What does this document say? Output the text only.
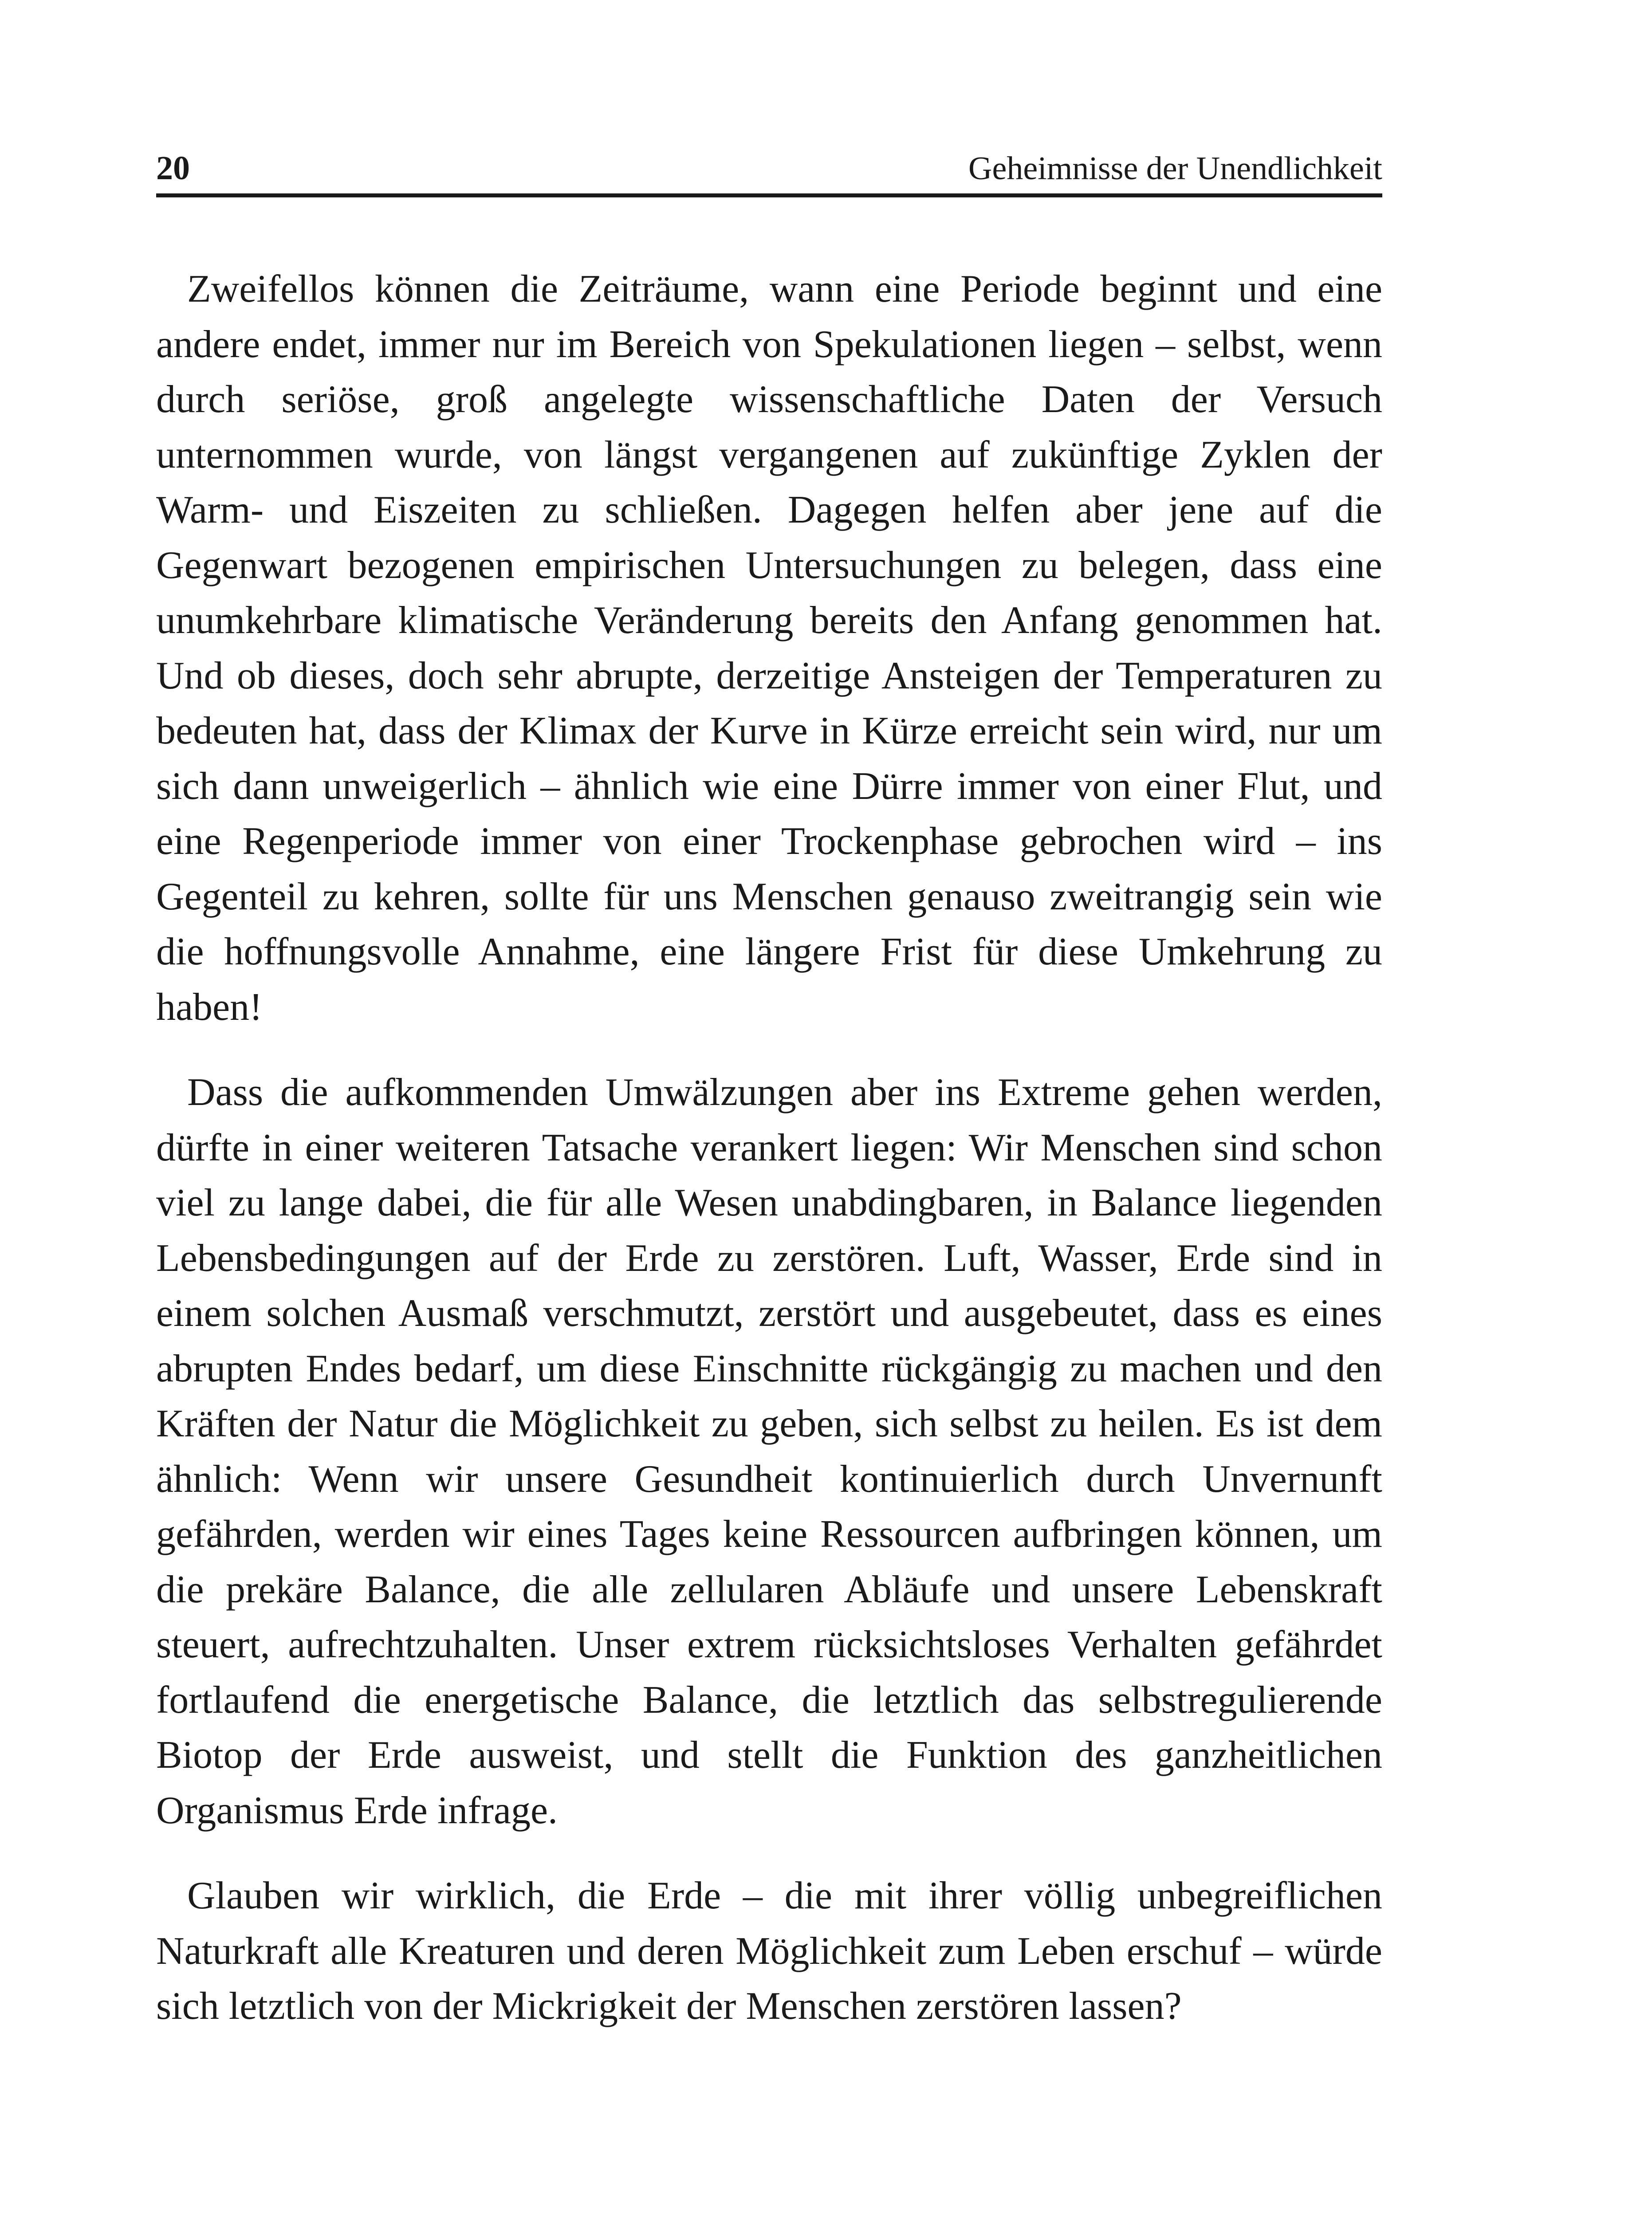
20	Geheimnisse der Unendlichkeit

Zweifellos können die Zeiträume, wann eine Periode beginnt und eine andere endet, immer nur im Bereich von Spekulationen liegen – selbst, wenn durch seriöse, groß angelegte wissenschaftliche Daten der Versuch unternommen wurde, von längst vergangenen auf zukünftige Zyklen der Warm- und Eiszeiten zu schließen. Dagegen helfen aber jene auf die Gegenwart bezogenen empirischen Untersuchungen zu belegen, dass eine unumkehrbare klimatische Veränderung bereits den Anfang genommen hat. Und ob dieses, doch sehr abrupte, derzeitige Ansteigen der Temperaturen zu bedeuten hat, dass der Klimax der Kurve in Kürze erreicht sein wird, nur um sich dann unweigerlich – ähnlich wie eine Dürre immer von einer Flut, und eine Regenperiode immer von einer Trockenphase gebrochen wird – ins Gegenteil zu kehren, sollte für uns Menschen genauso zweitrangig sein wie die hoffnungsvolle Annahme, eine längere Frist für diese Umkehrung zu haben!

Dass die aufkommenden Umwälzungen aber ins Extreme gehen werden, dürfte in einer weiteren Tatsache verankert liegen: Wir Menschen sind schon viel zu lange dabei, die für alle Wesen unabdingbaren, in Balance liegenden Lebensbedingungen auf der Erde zu zerstören. Luft, Wasser, Erde sind in einem solchen Ausmaß verschmutzt, zerstört und ausgebeutet, dass es eines abrupten Endes bedarf, um diese Einschnitte rückgängig zu machen und den Kräften der Natur die Möglichkeit zu geben, sich selbst zu heilen. Es ist dem ähnlich: Wenn wir unsere Gesundheit kontinuierlich durch Unvernunft gefährden, werden wir eines Tages keine Ressourcen aufbringen können, um die prekäre Balance, die alle zellularen Abläufe und unsere Lebenskraft steuert, aufrechtzuhalten. Unser extrem rücksichtsloses Verhalten gefährdet fortlaufend die energetische Balance, die letztlich das selbstregulierende Biotop der Erde ausweist, und stellt die Funktion des ganzheitlichen Organismus Erde infrage.

Glauben wir wirklich, die Erde – die mit ihrer völlig unbegreiflichen Naturkraft alle Kreaturen und deren Möglichkeit zum Leben erschuf – würde sich letztlich von der Mickrigkeit der Menschen zerstören lassen?
